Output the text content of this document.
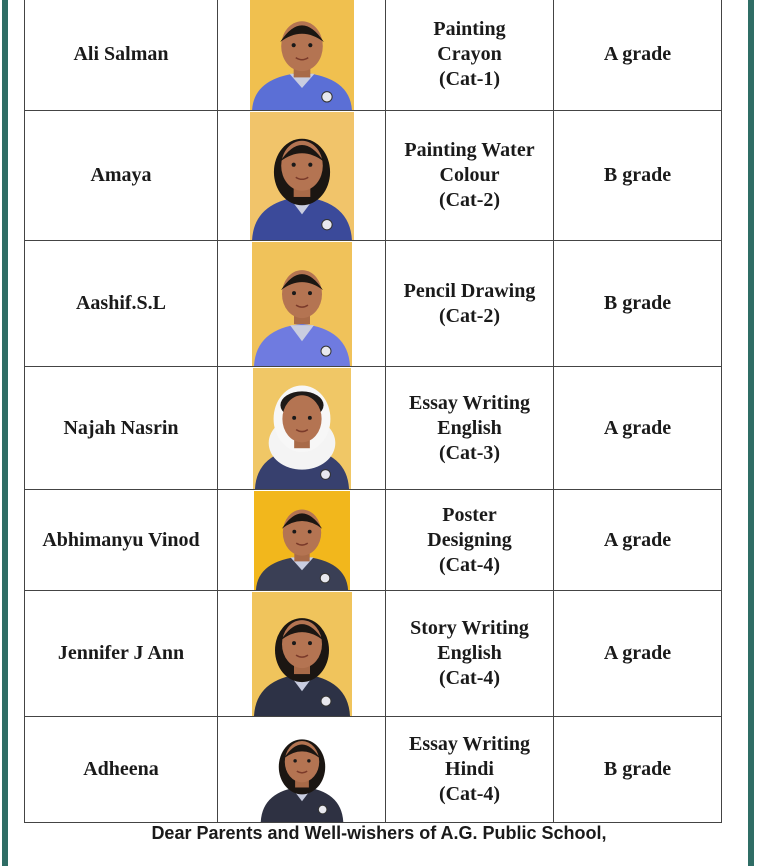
Ali Salman		Painting
Crayon
(Cat-1)	A grade
Amaya		Painting Water
Colour
(Cat-2)	B grade
Aashif.S.L		Pencil Drawing
(Cat-2)	B grade
Najah Nasrin		Essay Writing
English
(Cat-3)	A grade
Abhimanyu Vinod		Poster
Designing
(Cat-4)	A grade
Jennifer J Ann		Story Writing
English
(Cat-4)	A grade
Adheena		Essay Writing
Hindi
(Cat-4)	B grade
Dear Parents and Well-wishers of A.G. Public School,
